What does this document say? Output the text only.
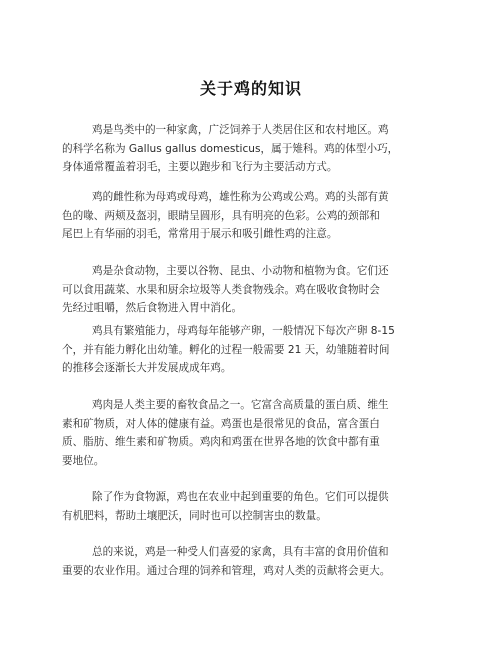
关于鸡的知识
鸡是鸟类中的一种家禽，广泛饲养于人类居住区和农村地区。鸡
的科学名称为 Gallus gallus domesticus，属于雉科。鸡的体型小巧，
身体通常覆盖着羽毛，主要以跑步和飞行为主要活动方式。
鸡的雌性称为母鸡或母鸡，雄性称为公鸡或公鸡。鸡的头部有黄
色的喙、两颊及盔羽，眼睛呈圆形，具有明亮的色彩。公鸡的颈部和
尾巴上有华丽的羽毛，常常用于展示和吸引雌性鸡的注意。
鸡是杂食动物，主要以谷物、昆虫、小动物和植物为食。它们还
可以食用蔬菜、水果和厨余垃圾等人类食物残余。鸡在吸收食物时会
先经过咀嚼，然后食物进入胃中消化。
鸡具有繁殖能力，母鸡每年能够产卵，一般情况下每次产卵 8-15
个，并有能力孵化出幼雏。孵化的过程一般需要 21 天，幼雏随着时间
的推移会逐渐长大并发展成成年鸡。
鸡肉是人类主要的畜牧食品之一。它富含高质量的蛋白质、维生
素和矿物质，对人体的健康有益。鸡蛋也是很常见的食品，富含蛋白
质、脂肪、维生素和矿物质。鸡肉和鸡蛋在世界各地的饮食中都有重
要地位。
除了作为食物源，鸡也在农业中起到重要的角色。它们可以提供
有机肥料，帮助土壤肥沃，同时也可以控制害虫的数量。
总的来说，鸡是一种受人们喜爱的家禽，具有丰富的食用价值和
重要的农业作用。通过合理的饲养和管理，鸡对人类的贡献将会更大。
